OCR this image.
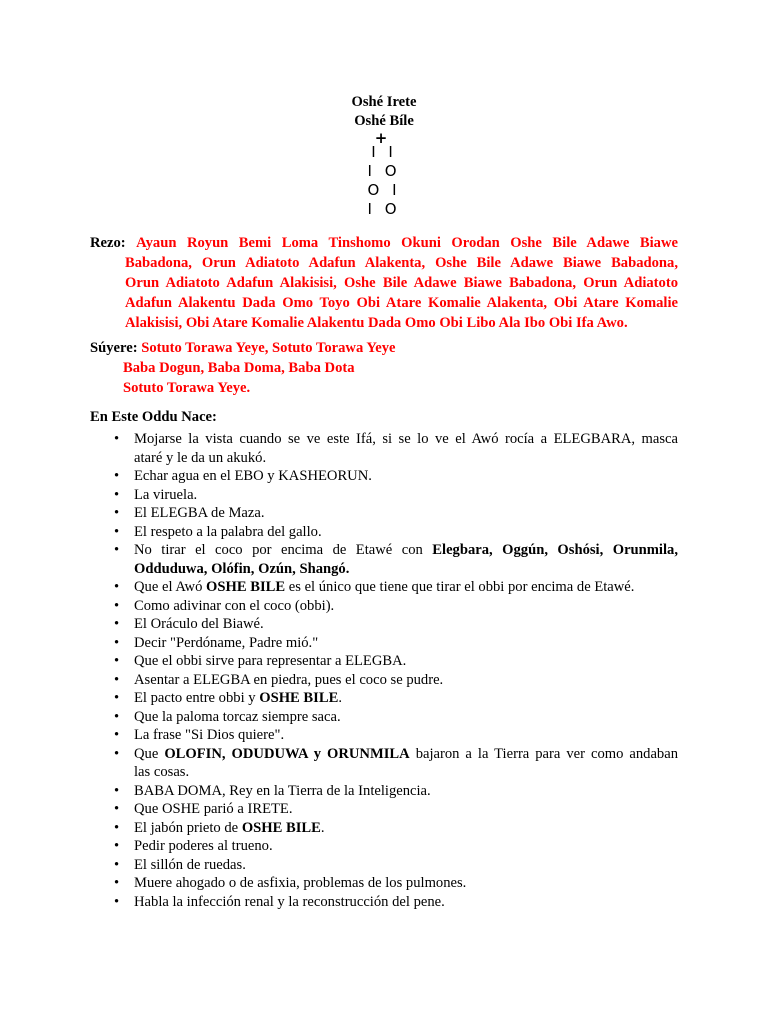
Oshé Irete
Oshé Bíle
+
I I
I O
O I
I O
Rezo: Ayaun Royun Bemi Loma Tinshomo Okuni Orodan Oshe Bile Adawe Biawe
Babadona, Orun Adiatoto Adafun Alakenta, Oshe Bile Adawe Biawe Babadona,
Orun Adiatoto Adafun Alakisisi, Oshe Bile Adawe Biawe Babadona, Orun Adiatoto
Adafun Alakentu Dada Omo Toyo Obi Atare Komalie Alakenta, Obi Atare Komalie
Alakisisi, Obi Atare Komalie Alakentu Dada Omo Obi Libo Ala Ibo Obi Ifa Awo.
Súyere: Sotuto Torawa Yeye, Sotuto Torawa Yeye
Baba Dogun, Baba Doma, Baba Dota
Sotuto Torawa Yeye.
En Este Oddu Nace:
• Mojarse la vista cuando se ve este Ifá, si se lo ve el Awó rocía a ELEGBARA, masca
ataré y le da un akukó.
• Echar agua en el EBO y KASHEORUN.
• La viruela.
• El ELEGBA de Maza.
• El respeto a la palabra del gallo.
• No tirar el coco por encima de Etawé con Elegbara, Oggún, Oshósi, Orunmila,
Odduduwa, Olófin, Ozún, Shangó.
• Que el Awó OSHE BILE es el único que tiene que tirar el obbi por encima de Etawé.
• Como adivinar con el coco (obbi).
• El Oráculo del Biawé.
• Decir "Perdóname, Padre mió."
• Que el obbi sirve para representar a ELEGBA.
• Asentar a ELEGBA en piedra, pues el coco se pudre.
• El pacto entre obbi y OSHE BILE.
• Que la paloma torcaz siempre saca.
• La frase "Si Dios quiere".
• Que OLOFIN, ODUDUWA y ORUNMILA bajaron a la Tierra para ver como andaban
las cosas.
• BABA DOMA, Rey en la Tierra de la Inteligencia.
• Que OSHE parió a IRETE.
• El jabón prieto de OSHE BILE.
• Pedir poderes al trueno.
• El sillón de ruedas.
• Muere ahogado o de asfixia, problemas de los pulmones.
• Habla la infección renal y la reconstrucción del pene.
